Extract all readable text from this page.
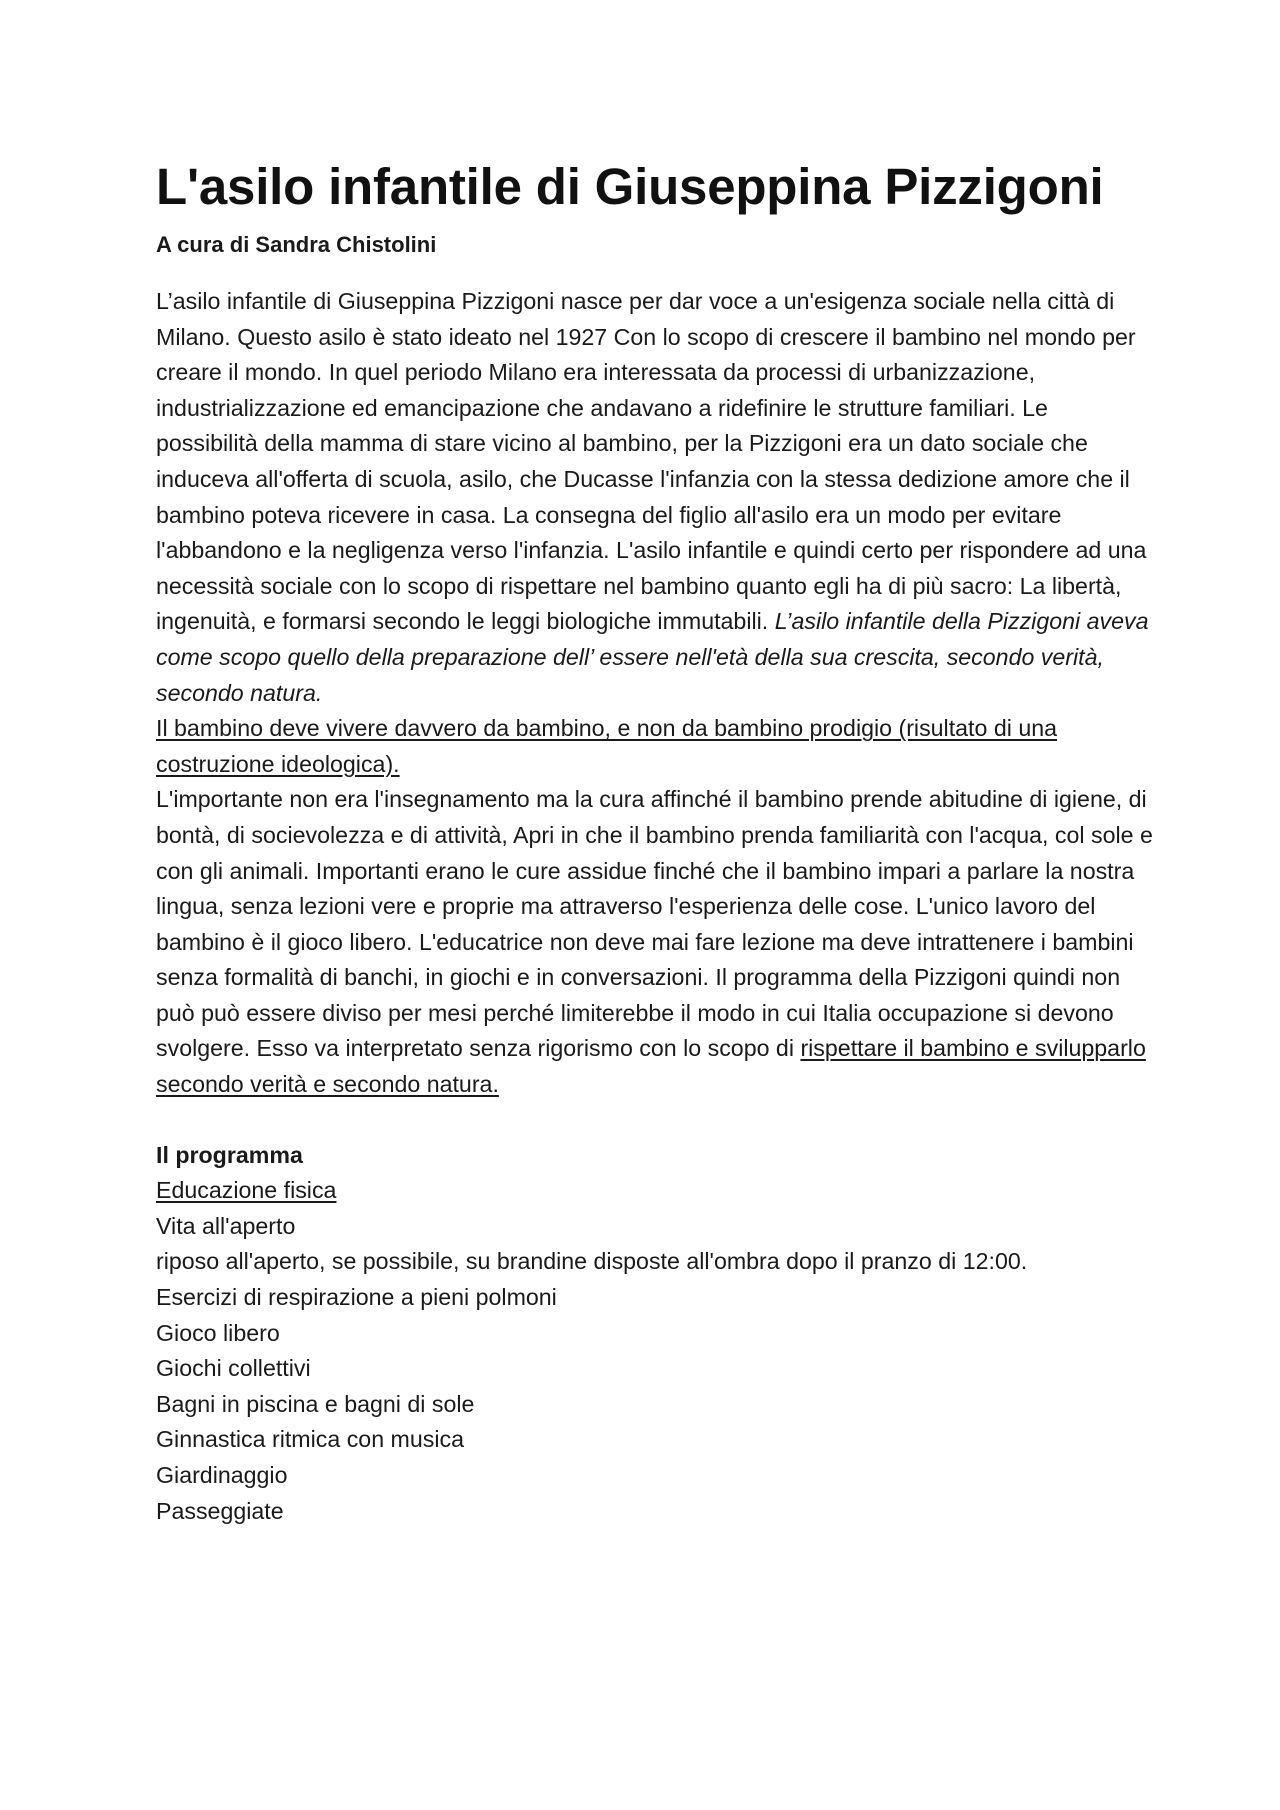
L'asilo infantile di Giuseppina Pizzigoni
A cura di Sandra Chistolini

L’asilo infantile di Giuseppina Pizzigoni nasce per dar voce a un'esigenza sociale nella città di Milano. Questo asilo è stato ideato nel 1927 Con lo scopo di crescere il bambino nel mondo per creare il mondo. In quel periodo Milano era interessata da processi di urbanizzazione, industrializzazione ed emancipazione che andavano a ridefinire le strutture familiari. Le possibilità della mamma di stare vicino al bambino, per la Pizzigoni era un dato sociale che induceva all'offerta di scuola, asilo, che Ducasse l'infanzia con la stessa dedizione amore che il bambino poteva ricevere in casa. La consegna del figlio all'asilo era un modo per evitare l'abbandono e la negligenza verso l'infanzia. L'asilo infantile e quindi certo per rispondere ad una necessità sociale con lo scopo di rispettare nel bambino quanto egli ha di più sacro: La libertà, ingenuità, e formarsi secondo le leggi biologiche immutabili. L’asilo infantile della Pizzigoni aveva come scopo quello della preparazione dell’ essere nell'età della sua crescita, secondo verità, secondo natura.
Il bambino deve vivere davvero da bambino, e non da bambino prodigio (risultato di una costruzione ideologica).
L'importante non era l'insegnamento ma la cura affinché il bambino prende abitudine di igiene, di bontà, di socievolezza e di attività, Apri in che il bambino prenda familiarità con l'acqua, col sole e con gli animali. Importanti erano le cure assidue finché che il bambino impari a parlare la nostra lingua, senza lezioni vere e proprie ma attraverso l'esperienza delle cose. L'unico lavoro del bambino è il gioco libero. L'educatrice non deve mai fare lezione ma deve intrattenere i bambini senza formalità di banchi, in giochi e in conversazioni. Il programma della Pizzigoni quindi non può può essere diviso per mesi perché limiterebbe il modo in cui Italia occupazione si devono svolgere. Esso va interpretato senza rigorismo con lo scopo di rispettare il bambino e svilupparlo secondo verità e secondo natura.

Il programma
Educazione fisica
Vita all'aperto
riposo all'aperto, se possibile, su brandine disposte all'ombra dopo il pranzo di 12:00.
Esercizi di respirazione a pieni polmoni
Gioco libero
Giochi collettivi
Bagni in piscina e bagni di sole
Ginnastica ritmica con musica
Giardinaggio
Passeggiate
